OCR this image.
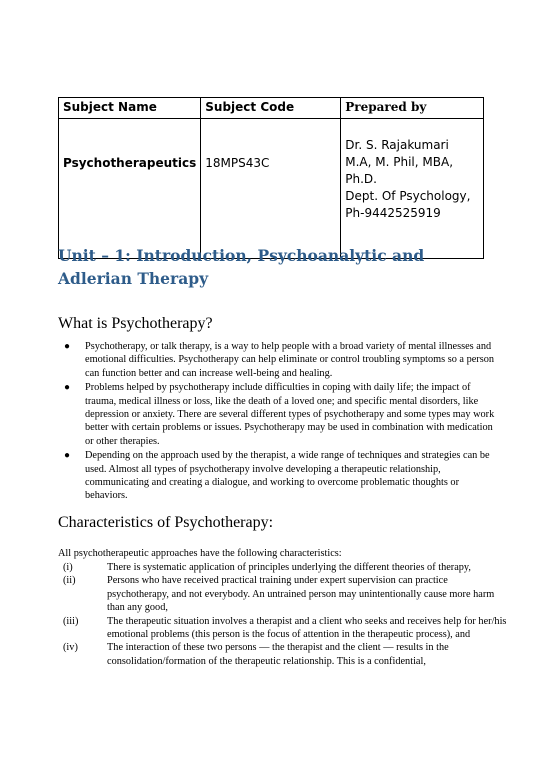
Subject Name	Subject Code	Prepared by
Psychotherapeutics	18MPS43C	Dr. S. Rajakumari
M.A, M. Phil, MBA,
Ph.D.
Dept. Of Psychology,
Ph-9442525919
Unit – 1: Introduction, Psychoanalytic and Adlerian Therapy
What is Psychotherapy?
● Psychotherapy, or talk therapy, is a way to help people with a broad variety of mental illnesses and emotional difficulties. Psychotherapy can help eliminate or control troubling symptoms so a person can function better and can increase well-being and healing.
● Problems helped by psychotherapy include difficulties in coping with daily life; the impact of trauma, medical illness or loss, like the death of a loved one; and specific mental disorders, like depression or anxiety. There are several different types of psychotherapy and some types may work better with certain problems or issues. Psychotherapy may be used in combination with medication or other therapies.
● Depending on the approach used by the therapist, a wide range of techniques and strategies can be used. Almost all types of psychotherapy involve developing a therapeutic relationship, communicating and creating a dialogue, and working to overcome problematic thoughts or behaviors.
Characteristics of Psychotherapy:
All psychotherapeutic approaches have the following characteristics:
(i)	There is systematic application of principles underlying the different theories of therapy,
(ii)	Persons who have received practical training under expert supervision can practice psychotherapy, and not everybody. An untrained person may unintentionally cause more harm than any good,
(iii)	The therapeutic situation involves a therapist and a client who seeks and receives help for her/his emotional problems (this person is the focus of attention in the therapeutic process), and
(iv)	The interaction of these two persons — the therapist and the client — results in the consolidation/formation of the therapeutic relationship. This is a confidential,
